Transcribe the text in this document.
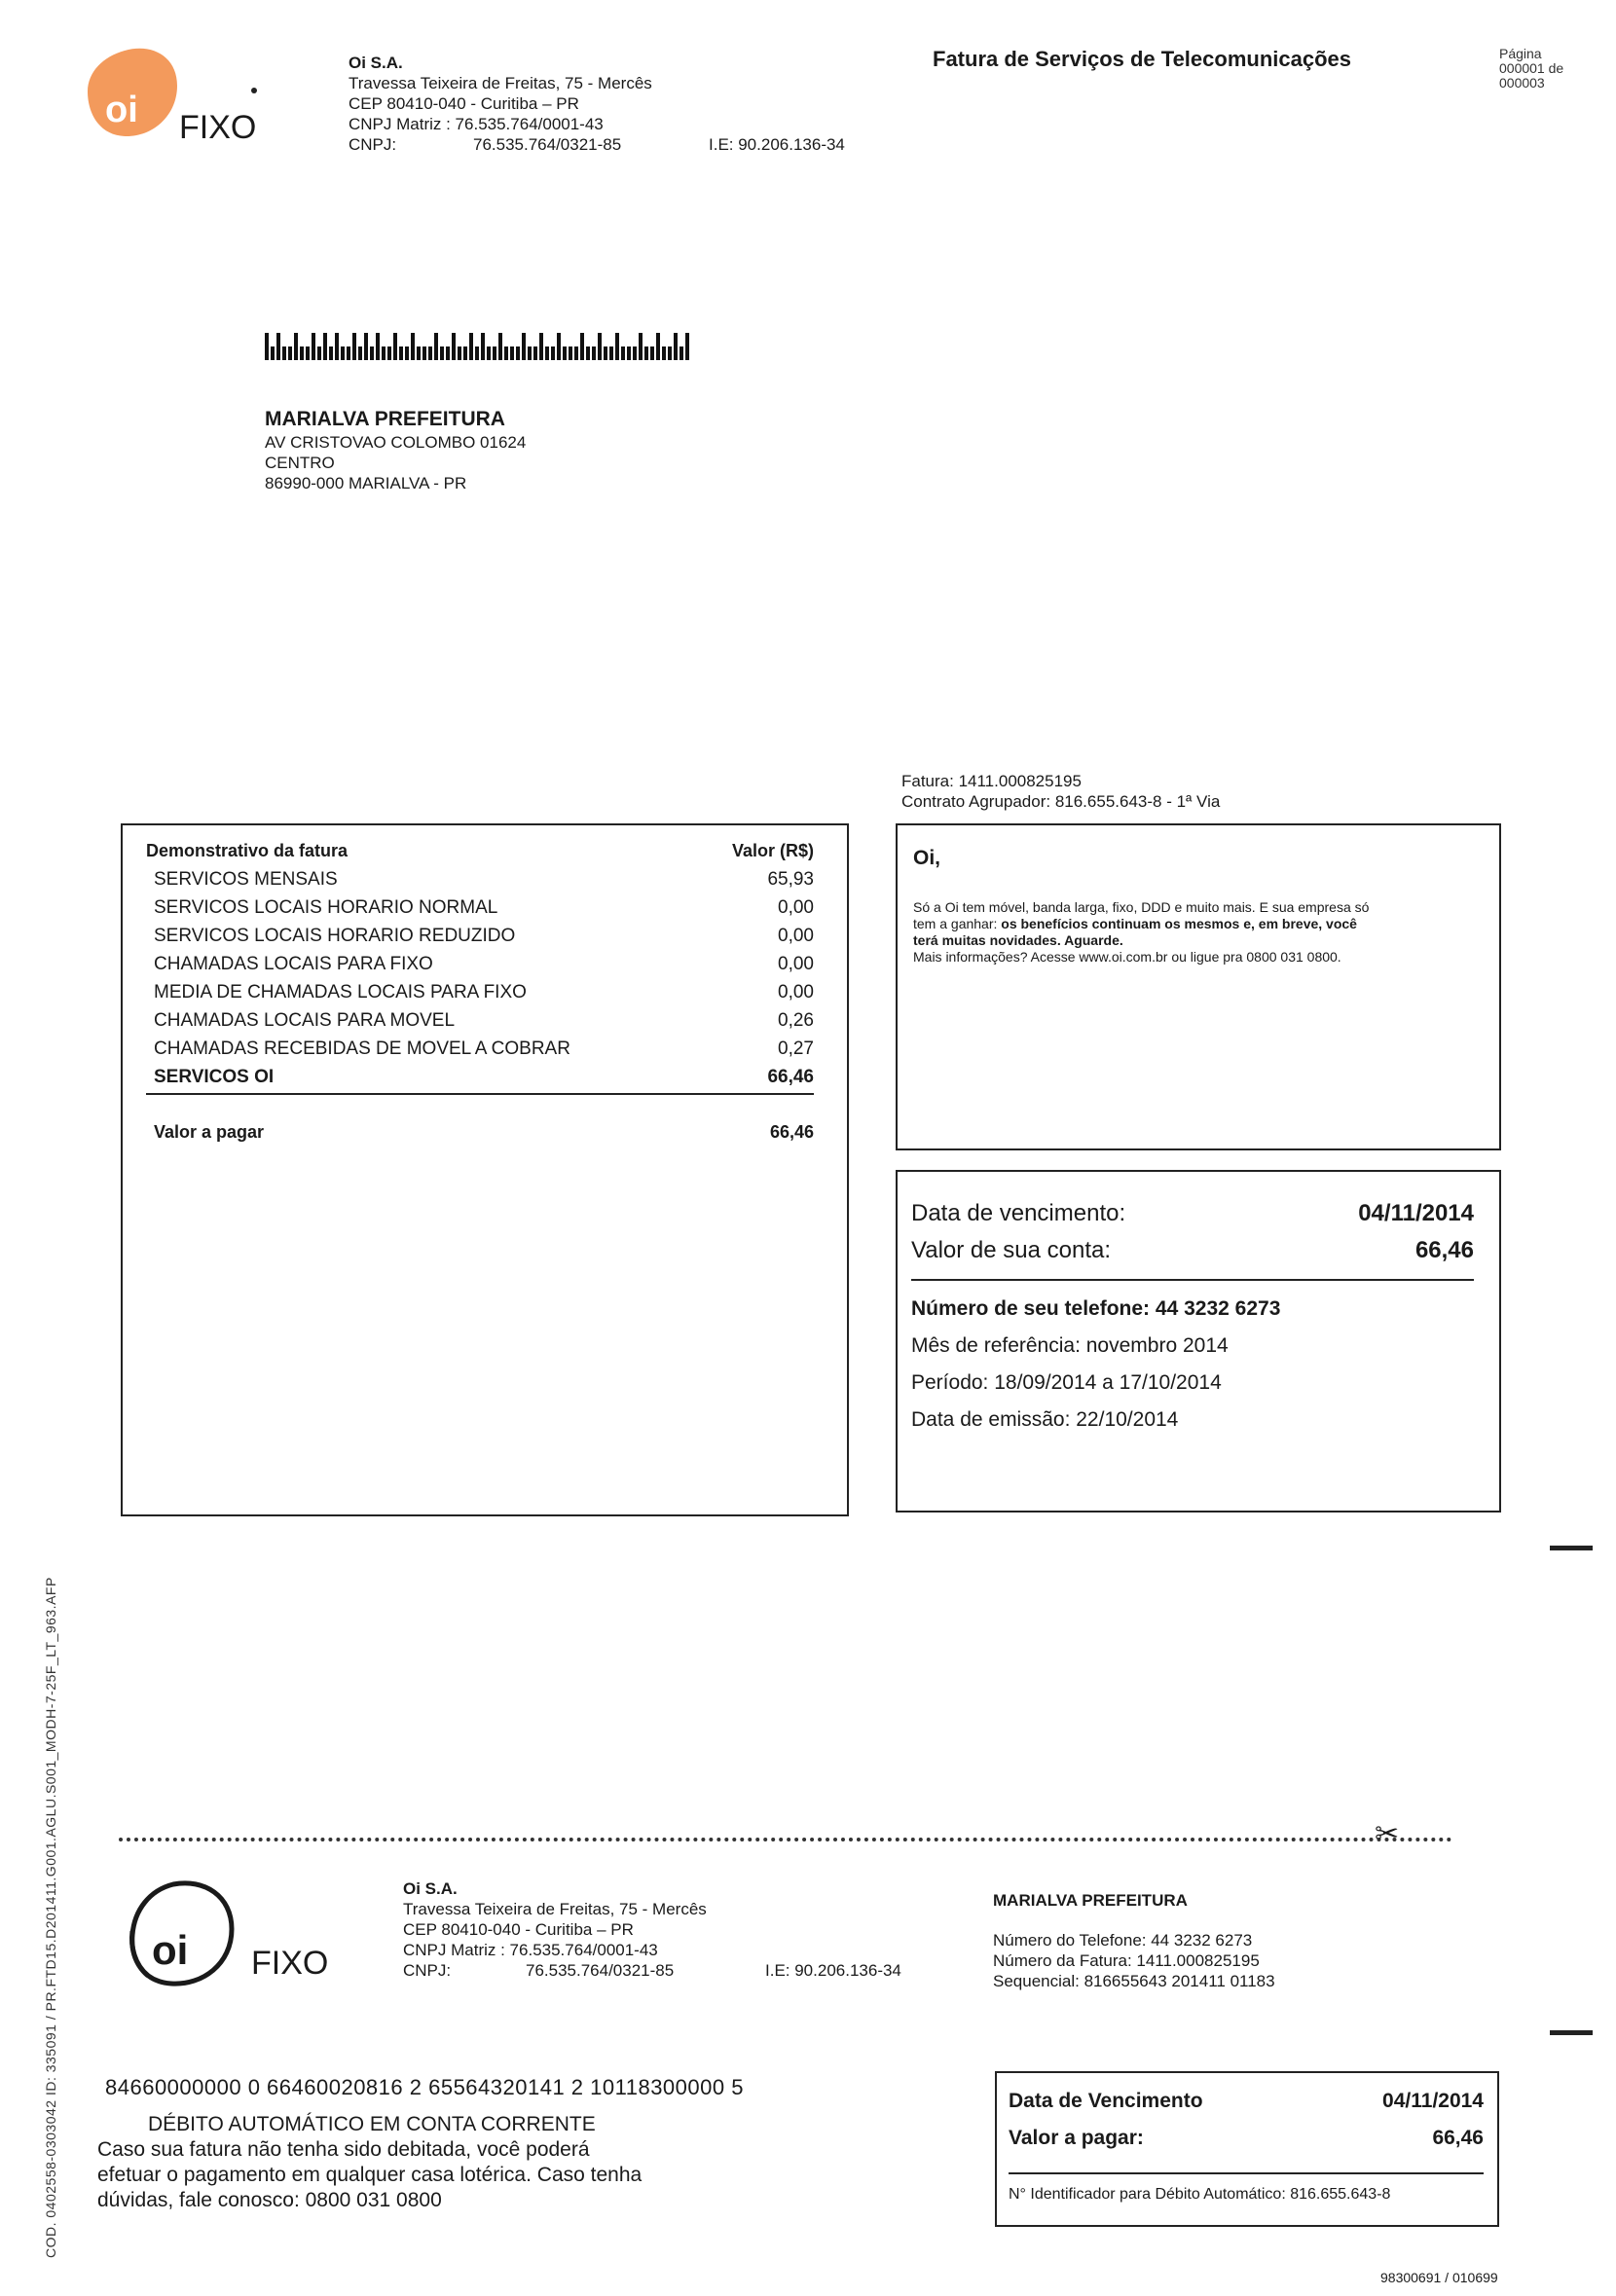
oi FIXO
Oi S.A.
Travessa Teixeira de Freitas, 75 - Mercês
CEP 80410-040 - Curitiba – PR
CNPJ Matriz : 76.535.764/0001-43
CNPJ:	76.535.764/0321-85	I.E: 90.206.136-34
Fatura de Serviços de Telecomunicações	Página
000001 de
000003
MARIALVA PREFEITURA
AV CRISTOVAO COLOMBO 01624
CENTRO
86990-000 MARIALVA - PR
Fatura: 1411.000825195
Contrato Agrupador: 816.655.643-8 - 1ª Via
Demonstrativo da fatura	Valor (R$)
SERVICOS MENSAIS	65,93
SERVICOS LOCAIS HORARIO NORMAL	0,00
SERVICOS LOCAIS HORARIO REDUZIDO	0,00
CHAMADAS LOCAIS PARA FIXO	0,00
MEDIA DE CHAMADAS LOCAIS PARA FIXO	0,00
CHAMADAS LOCAIS PARA MOVEL	0,26
CHAMADAS RECEBIDAS DE MOVEL A COBRAR	0,27
SERVICOS OI	66,46
Valor a pagar	66,46
Oi,
Só a Oi tem móvel, banda larga, fixo, DDD e muito mais. E sua empresa só
tem a ganhar: os benefícios continuam os mesmos e, em breve, você
terá muitas novidades. Aguarde.
Mais informações? Acesse www.oi.com.br ou ligue pra 0800 031 0800.
Data de vencimento:	04/11/2014
Valor de sua conta:	66,46
Número de seu telefone: 44 3232 6273
Mês de referência: novembro 2014
Período: 18/09/2014 a 17/10/2014
Data de emissão: 22/10/2014
COD. 0402558-0303042 ID: 335091 / PR.FTD15.D201411.G001.AGLU.S001_MODH-7-25F_LT_963.AFP	✂
oi FIXO
Oi S.A.
Travessa Teixeira de Freitas, 75 - Mercês
CEP 80410-040 - Curitiba – PR
CNPJ Matriz : 76.535.764/0001-43
CNPJ:	76.535.764/0321-85	I.E: 90.206.136-34
MARIALVA PREFEITURA
Número do Telefone: 44 3232 6273
Número da Fatura: 1411.000825195
Sequencial: 816655643 201411 01183
84660000000 0 66460020816 2 65564320141 2 10118300000 5
DÉBITO AUTOMÁTICO EM CONTA CORRENTE
Caso sua fatura não tenha sido debitada, você poderá
efetuar o pagamento em qualquer casa lotérica. Caso tenha
dúvidas, fale conosco: 0800 031 0800
Data de Vencimento	04/11/2014
Valor a pagar:	66,46
N° Identificador para Débito Automático: 816.655.643-8
98300691 / 010699
